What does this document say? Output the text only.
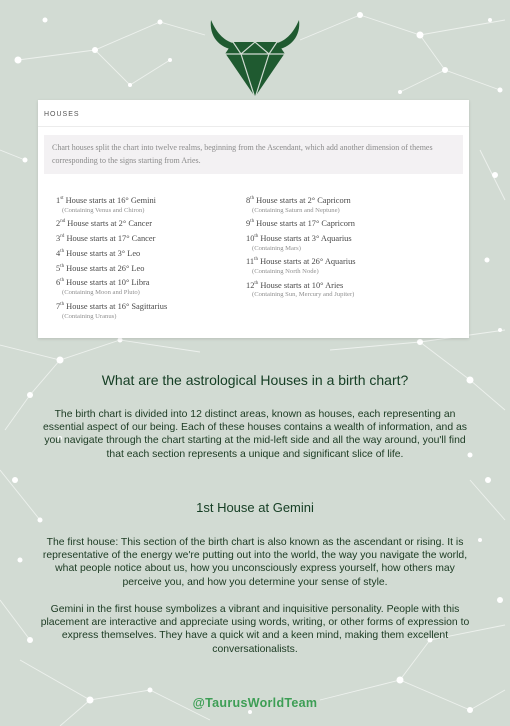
HOUSES
Chart houses split the chart into twelve realms, beginning from the Ascendant, which add another dimension of themes corresponding to the signs starting from Aries.
1st House starts at 16° Gemini
(Containing Venus and Chiron)
2nd House starts at 2° Cancer
3rd House starts at 17° Cancer
4th House starts at 3° Leo
5th House starts at 26° Leo
6th House starts at 10° Libra
(Containing Moon and Pluto)
7th House starts at 16° Sagittarius
(Containing Uranus)
8th House starts at 2° Capricorn
(Containing Saturn and Neptune)
9th House starts at 17° Capricorn
10th House starts at 3° Aquarius
(Containing Mars)
11th House starts at 26° Aquarius
(Containing North Node)
12th House starts at 10° Aries
(Containing Sun, Mercury and Jupiter)
What are the astrological Houses in a birth chart?
The birth chart is divided into 12 distinct areas, known as houses, each representing an essential aspect of our being. Each of these houses contains a wealth of information, and as you navigate through the chart starting at the mid-left side and all the way around, you'll find that each section represents a unique and significant slice of life.
1st House at Gemini
The first house: This section of the birth chart is also known as the ascendant or rising. It is representative of the energy we're putting out into the world, the way you navigate the world, what people notice about us, how you unconsciously express yourself, how others may perceive you, and how you determine your sense of style.
Gemini in the first house symbolizes a vibrant and inquisitive personality. People with this placement are interactive and appreciate using words, writing, or other forms of expression to express themselves. They have a quick wit and a keen mind, making them excellent conversationalists.
@TaurusWorldTeam
